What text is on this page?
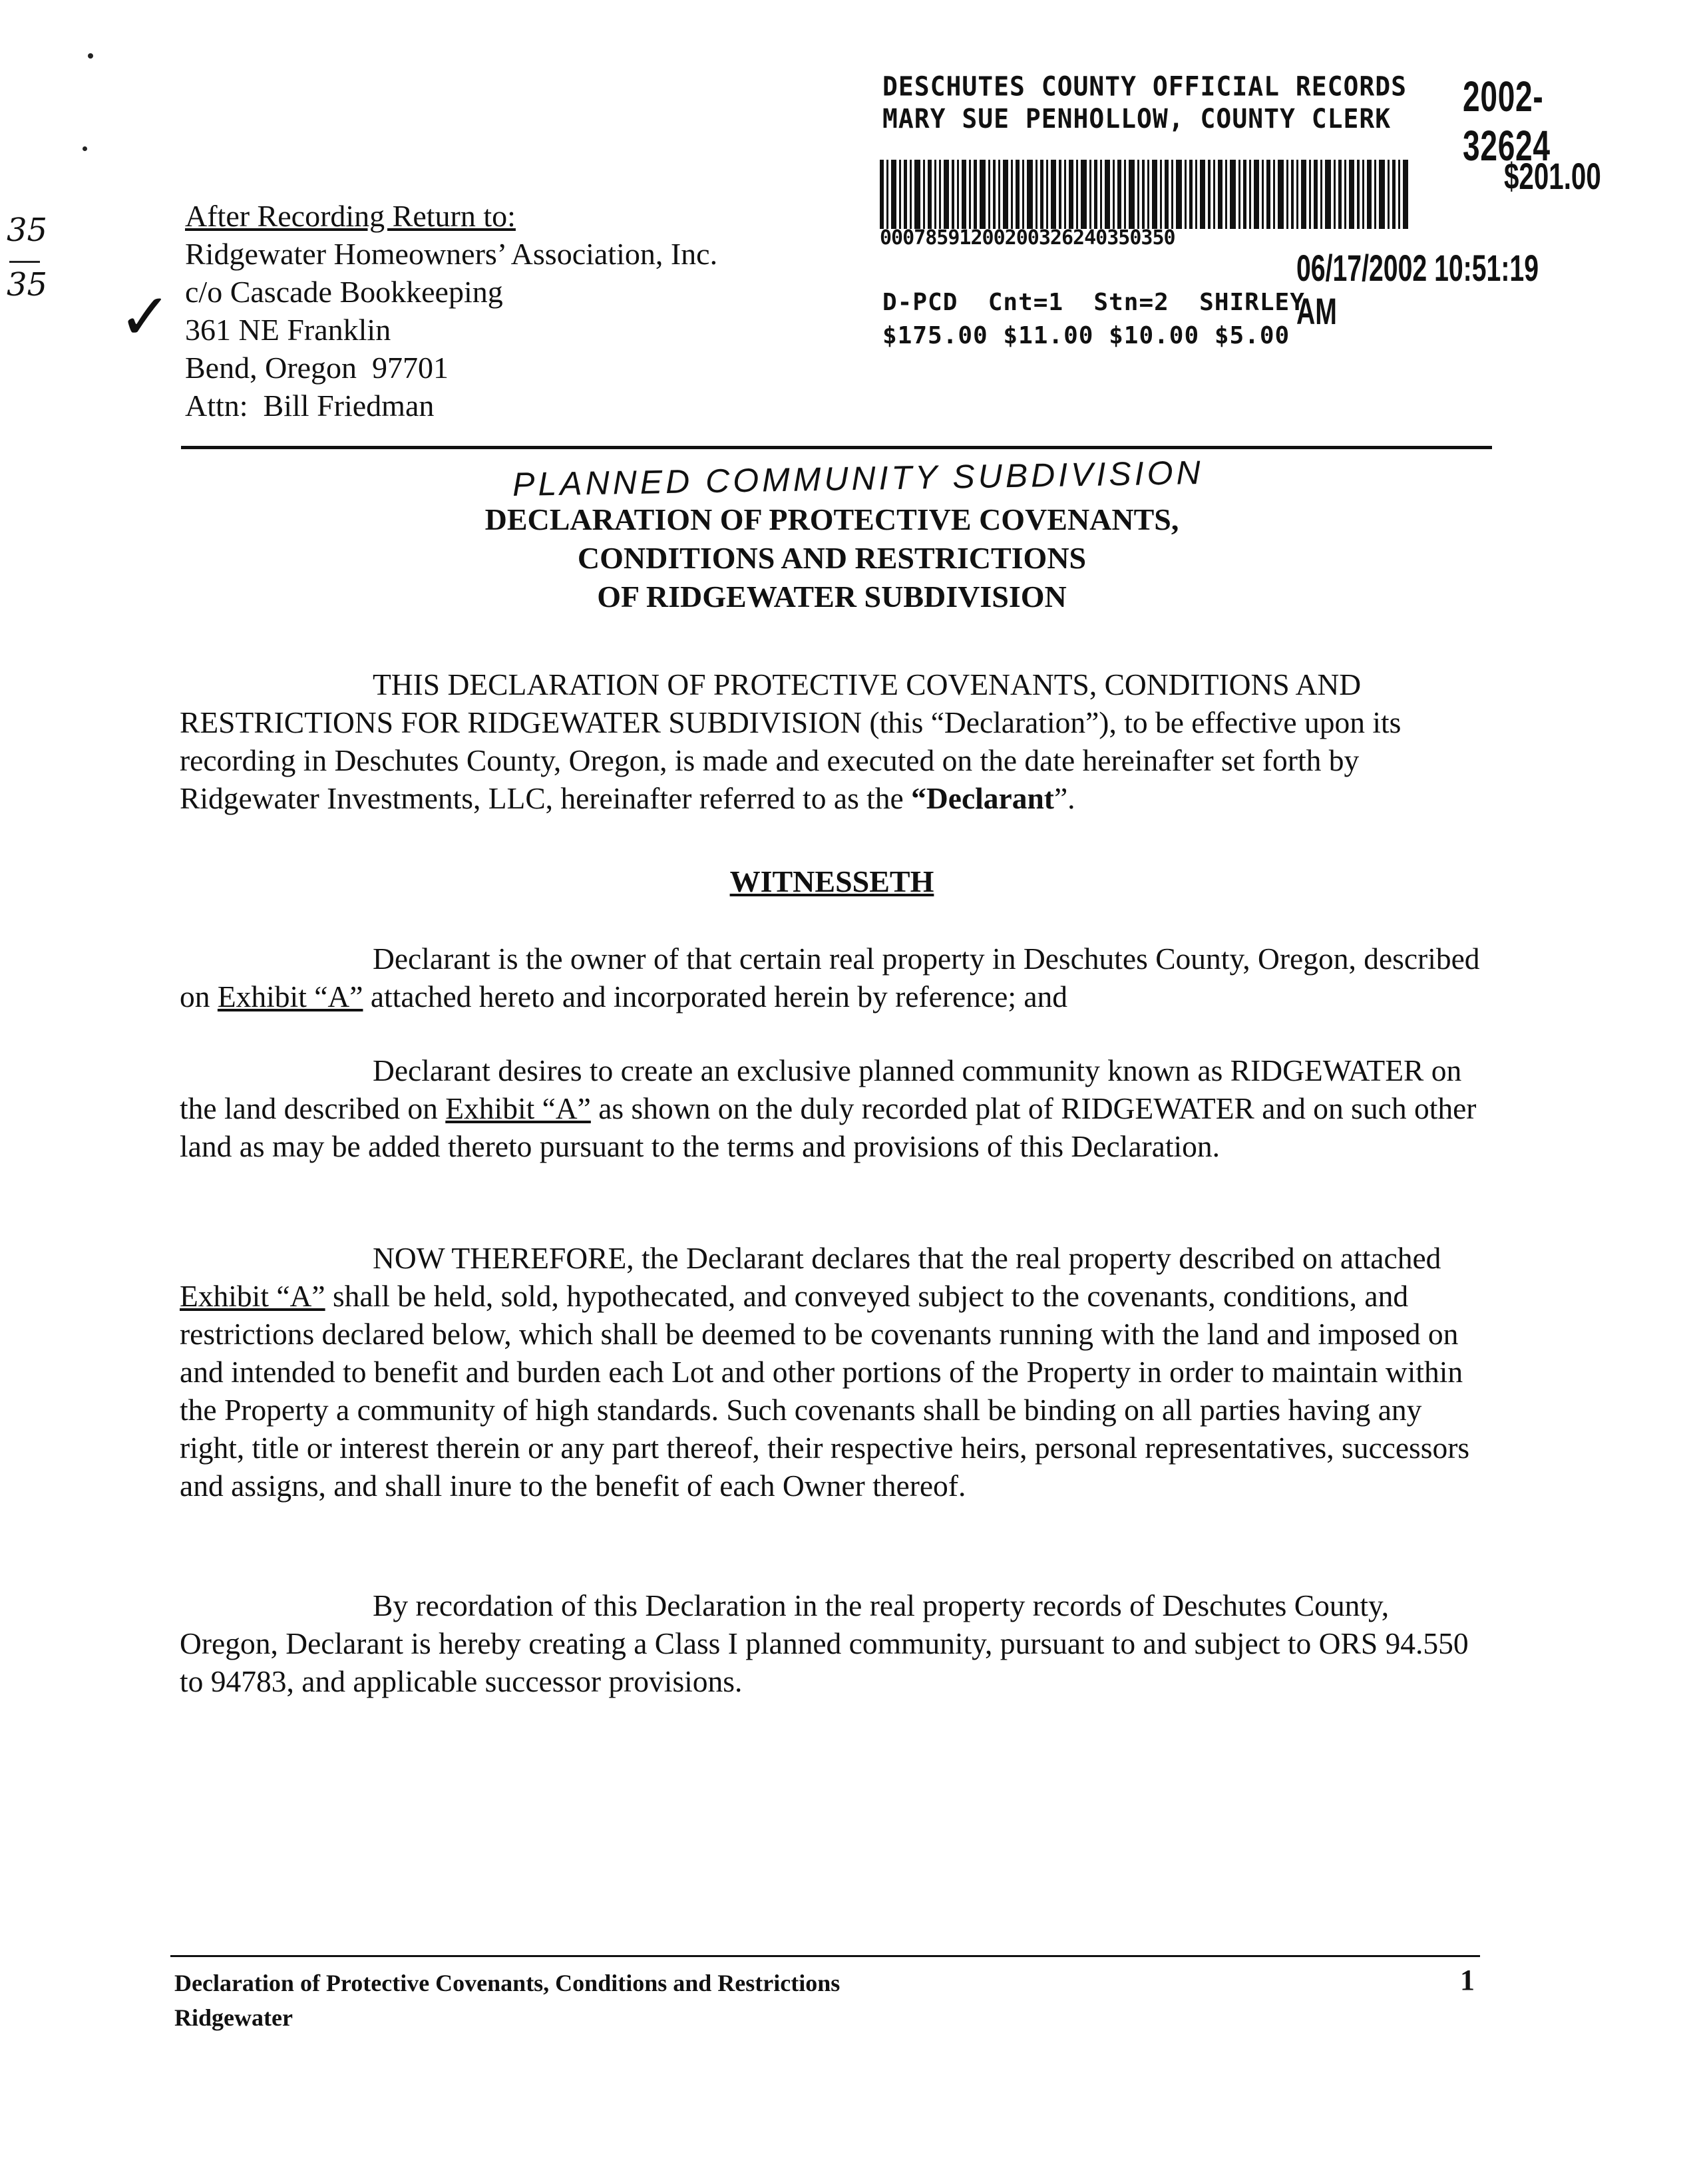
35
35 ✓
DESCHUTES COUNTY OFFICIAL RECORDS
MARY SUE PENHOLLOW, COUNTY CLERK	2002-32624
$201.00
00078591200200326240350350
06/17/2002 10:51:19 AM
D-PCD  Cnt=1  Stn=2  SHIRLEY
$175.00 $11.00 $10.00 $5.00
After Recording Return to:
Ridgewater Homeowners’ Association, Inc.
c/o Cascade Bookkeeping
361 NE Franklin
Bend, Oregon  97701
Attn:  Bill Friedman
PLANNED COMMUNITY SUBDIVISION
DECLARATION OF PROTECTIVE COVENANTS,
CONDITIONS AND RESTRICTIONS
OF RIDGEWATER SUBDIVISION
THIS DECLARATION OF PROTECTIVE COVENANTS, CONDITIONS AND RESTRICTIONS FOR RIDGEWATER SUBDIVISION (this “Declaration”), to be effective upon its recording in Deschutes County, Oregon, is made and executed on the date hereinafter set forth by Ridgewater Investments, LLC, hereinafter referred to as the “Declarant”.
WITNESSETH
Declarant is the owner of that certain real property in Deschutes County, Oregon, described on Exhibit “A” attached hereto and incorporated herein by reference; and
Declarant desires to create an exclusive planned community known as RIDGEWATER on the land described on Exhibit “A” as shown on the duly recorded plat of RIDGEWATER and on such other land as may be added thereto pursuant to the terms and provisions of this Declaration.
NOW THEREFORE, the Declarant declares that the real property described on attached Exhibit “A” shall be held, sold, hypothecated, and conveyed subject to the covenants, conditions, and restrictions declared below, which shall be deemed to be covenants running with the land and imposed on and intended to benefit and burden each Lot and other portions of the Property in order to maintain within the Property a community of high standards. Such covenants shall be binding on all parties having any right, title or interest therein or any part thereof, their respective heirs, personal representatives, successors and assigns, and shall inure to the benefit of each Owner thereof.
By recordation of this Declaration in the real property records of Deschutes County, Oregon, Declarant is hereby creating a Class I planned community, pursuant to and subject to ORS 94.550 to 94783, and applicable successor provisions.
Declaration of Protective Covenants, Conditions and Restrictions
Ridgewater
1
